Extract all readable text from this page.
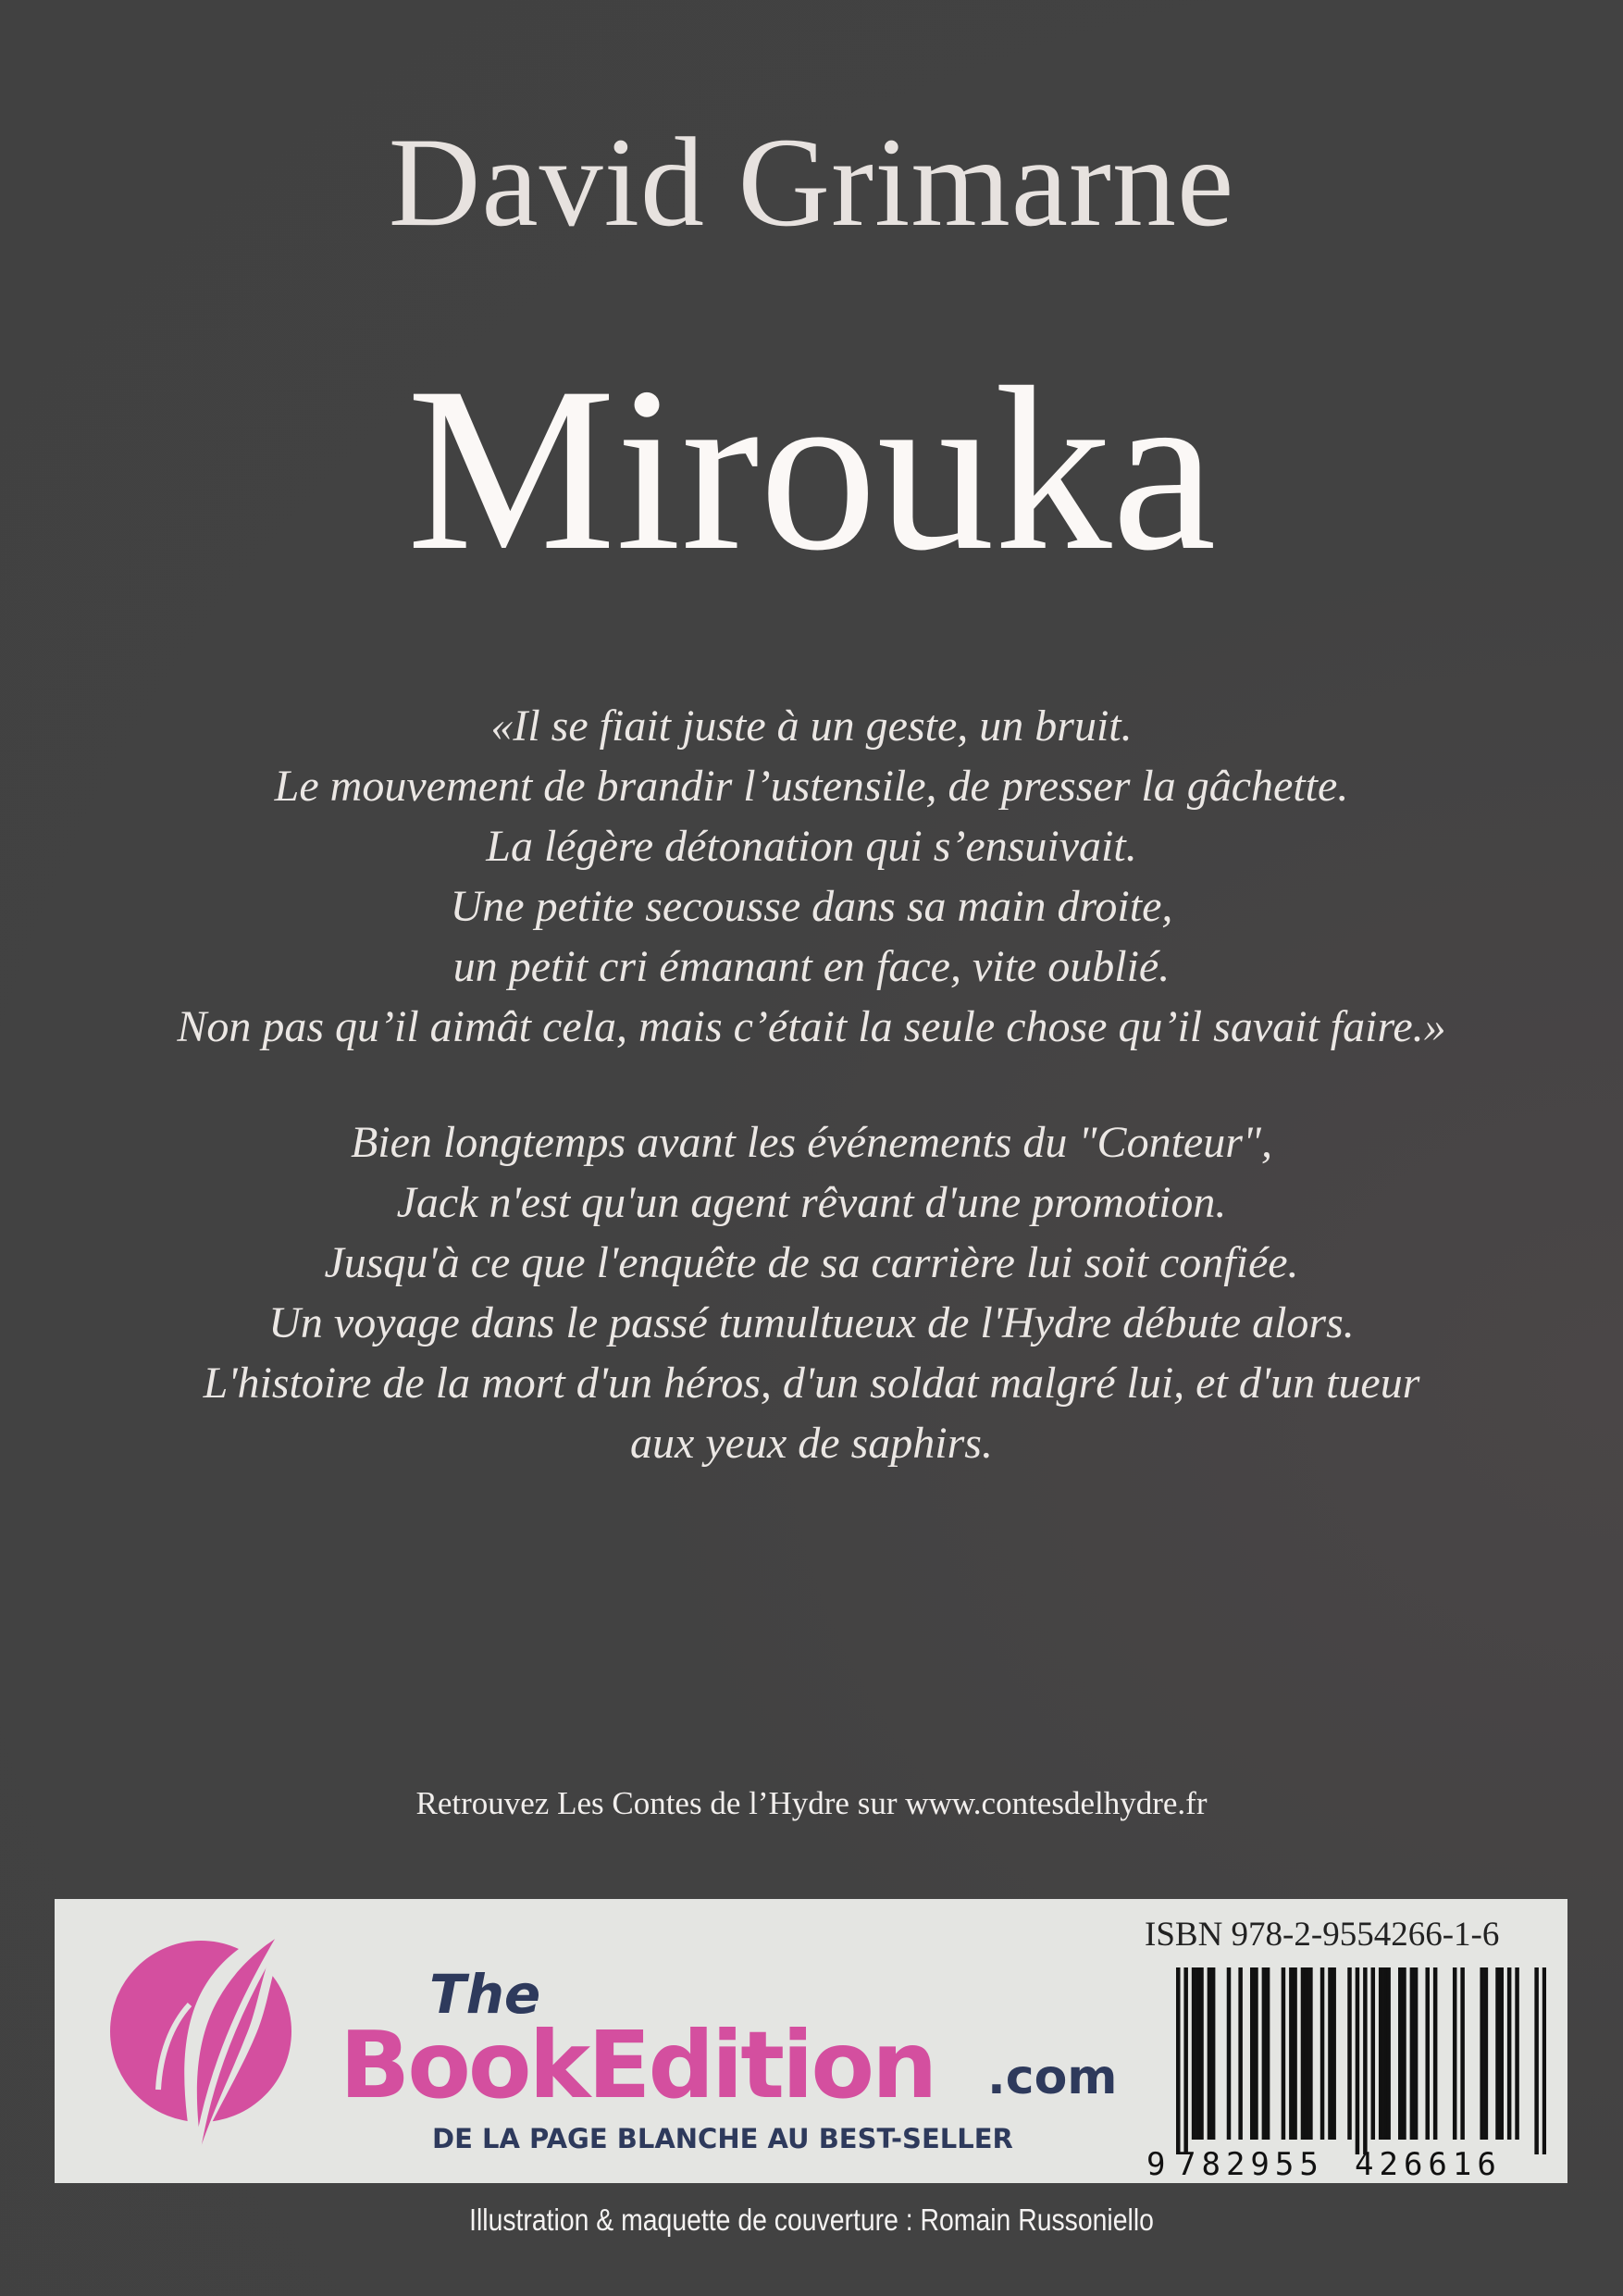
David Grimarne
Mirouka
«Il se fiait juste à un geste, un bruit.
Le mouvement de brandir l’ustensile, de presser la gâchette.
La légère détonation qui s’ensuivait.
Une petite secousse dans sa main droite,
un petit cri émanant en face, vite oublié.
Non pas qu’il aimât cela, mais c’était la seule chose qu’il savait faire.»
Bien longtemps avant les événements du "Conteur",
Jack n'est qu'un agent rêvant d'une promotion.
Jusqu'à ce que l'enquête de sa carrière lui soit confiée.
Un voyage dans le passé tumultueux de l'Hydre débute alors.
L'histoire de la mort d'un héros, d'un soldat malgré lui, et d'un tueur
aux yeux de saphirs.
Retrouvez Les Contes de l’Hydre sur www.contesdelhydre.fr
The
BookEdition .com
DE LA PAGE BLANCHE AU BEST-SELLER
ISBN 978-2-9554266-1-6
9 782955 426616
Illustration & maquette de couverture : Romain Russoniello
